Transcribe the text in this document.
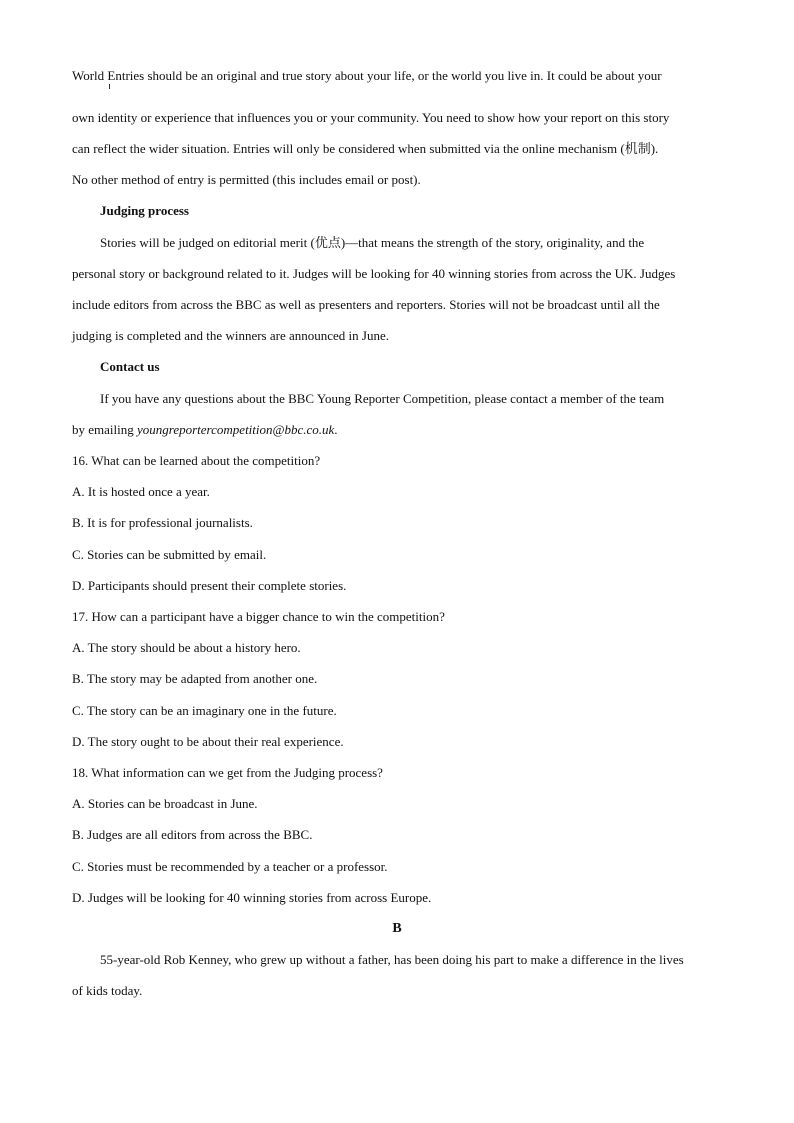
World Entries should be an original and true story about your life, or the world you live in. It could be about your
own identity or experience that influences you or your community. You need to show how your report on this story
can reflect the wider situation. Entries will only be considered when submitted via the online mechanism (机制).
No other method of entry is permitted (this includes email or post).
Judging process
Stories will be judged on editorial merit (优点)—that means the strength of the story, originality, and the
personal story or background related to it. Judges will be looking for 40 winning stories from across the UK. Judges
include editors from across the BBC as well as presenters and reporters. Stories will not be broadcast until all the
judging is completed and the winners are announced in June.
Contact us
If you have any questions about the BBC Young Reporter Competition, please contact a member of the team
by emailing youngreportercompetition@bbc.co.uk.
16. What can be learned about the competition?
A. It is hosted once a year.
B. It is for professional journalists.
C. Stories can be submitted by email.
D. Participants should present their complete stories.
17. How can a participant have a bigger chance to win the competition?
A. The story should be about a history hero.
B. The story may be adapted from another one.
C. The story can be an imaginary one in the future.
D. The story ought to be about their real experience.
18. What information can we get from the Judging process?
A. Stories can be broadcast in June.
B. Judges are all editors from across the BBC.
C. Stories must be recommended by a teacher or a professor.
D. Judges will be looking for 40 winning stories from across Europe.
B
55-year-old Rob Kenney, who grew up without a father, has been doing his part to make a difference in the lives
of kids today.
